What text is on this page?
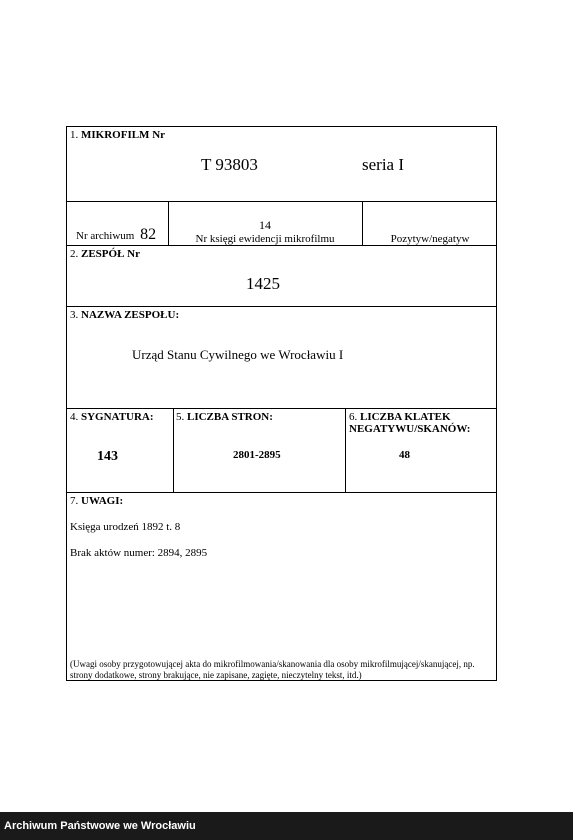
1. MIKROFILM Nr
T 93803	seria I
Nr archiwum 82
14
Nr księgi ewidencji mikrofilmu	Pozytyw/negatyw
2. ZESPÓŁ Nr
1425
3. NAZWA ZESPOŁU:
Urząd Stanu Cywilnego we Wrocławiu I
4. SYGNATURA:
143
5. LICZBA STRON:
2801-2895
6. LICZBA KLATEK
NEGATYWU/SKANÓW:
48
7. UWAGI:
Księga urodzeń 1892 t. 8
Brak aktów numer: 2894, 2895
(Uwagi osoby przygotowującej akta do mikrofilmowania/skanowania dla osoby mikrofilmującej/skanującej, np.
strony dodatkowe, strony brakujące, nie zapisane, zagięte, nieczytelny tekst, itd.)
Archiwum Państwowe we Wrocławiu
